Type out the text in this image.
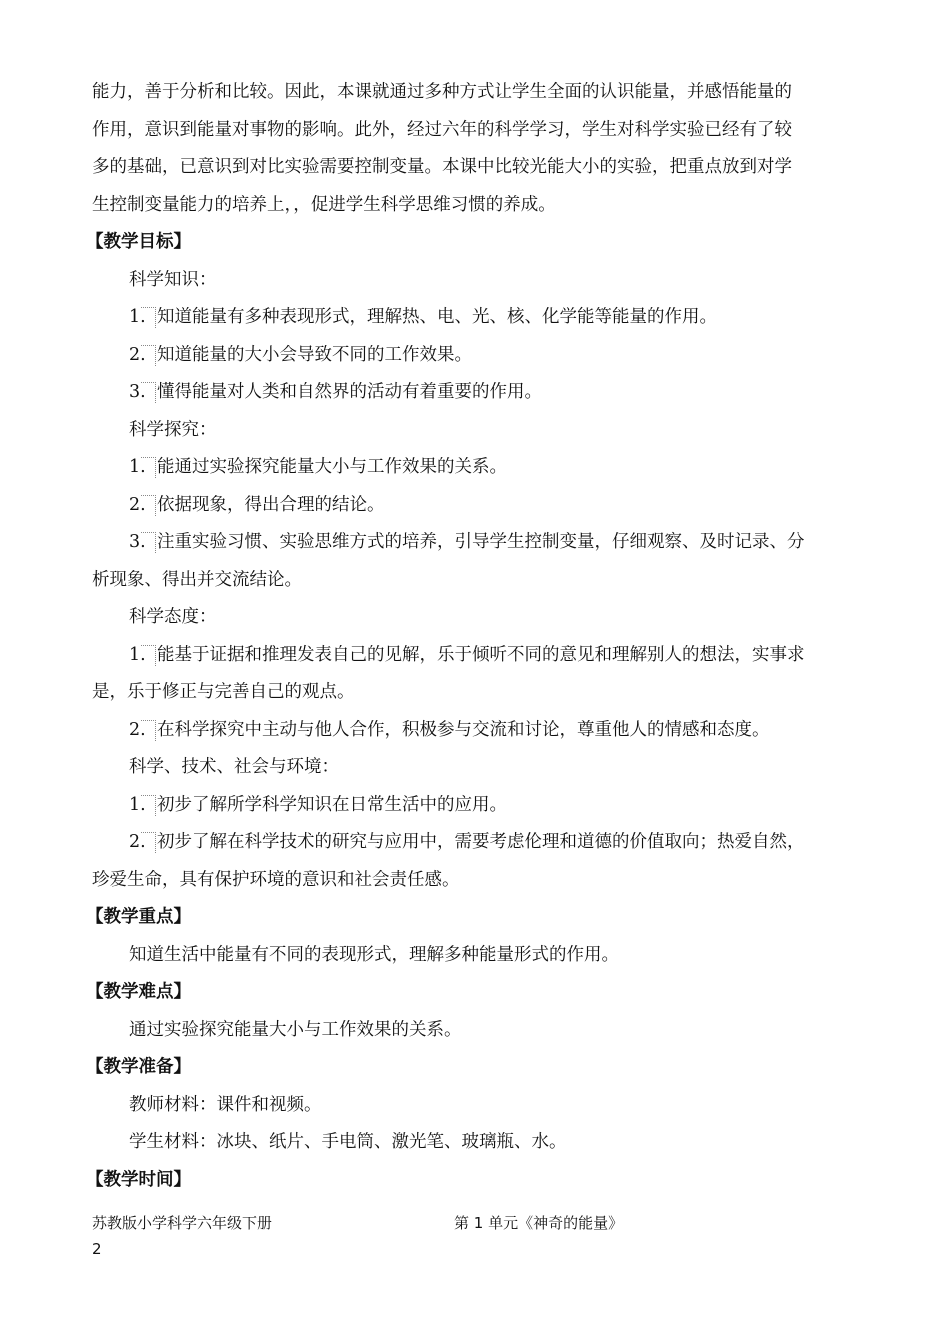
能力，善于分析和比较。因此，本课就通过多种方式让学生全面的认识能量，并感悟能量的
作用，意识到能量对事物的影响。此外，经过六年的科学学习，学生对科学实验已经有了较
多的基础，已意识到对比实验需要控制变量。本课中比较光能大小的实验，把重点放到对学
生控制变量能力的培养上，，促进学生科学思维习惯的养成。
【教学目标】
科学知识：
1. 知道能量有多种表现形式，理解热、电、光、核、化学能等能量的作用。
2. 知道能量的大小会导致不同的工作效果。
3. 懂得能量对人类和自然界的活动有着重要的作用。
科学探究：
1. 能通过实验探究能量大小与工作效果的关系。
2. 依据现象，得出合理的结论。
3. 注重实验习惯、实验思维方式的培养，引导学生控制变量，仔细观察、及时记录、分
析现象、得出并交流结论。
科学态度：
1. 能基于证据和推理发表自己的见解，乐于倾听不同的意见和理解别人的想法，实事求
是，乐于修正与完善自己的观点。
2. 在科学探究中主动与他人合作，积极参与交流和讨论，尊重他人的情感和态度。
科学、技术、社会与环境：
1. 初步了解所学科学知识在日常生活中的应用。
2. 初步了解在科学技术的研究与应用中，需要考虑伦理和道德的价值取向；热爱自然，
珍爱生命，具有保护环境的意识和社会责任感。
【教学重点】
知道生活中能量有不同的表现形式，理解多种能量形式的作用。
【教学难点】
通过实验探究能量大小与工作效果的关系。
【教学准备】
教师材料：课件和视频。
学生材料：冰块、纸片、手电筒、激光笔、玻璃瓶、水。
【教学时间】
苏教版小学科学六年级下册	第 1 单元《神奇的能量》
2
